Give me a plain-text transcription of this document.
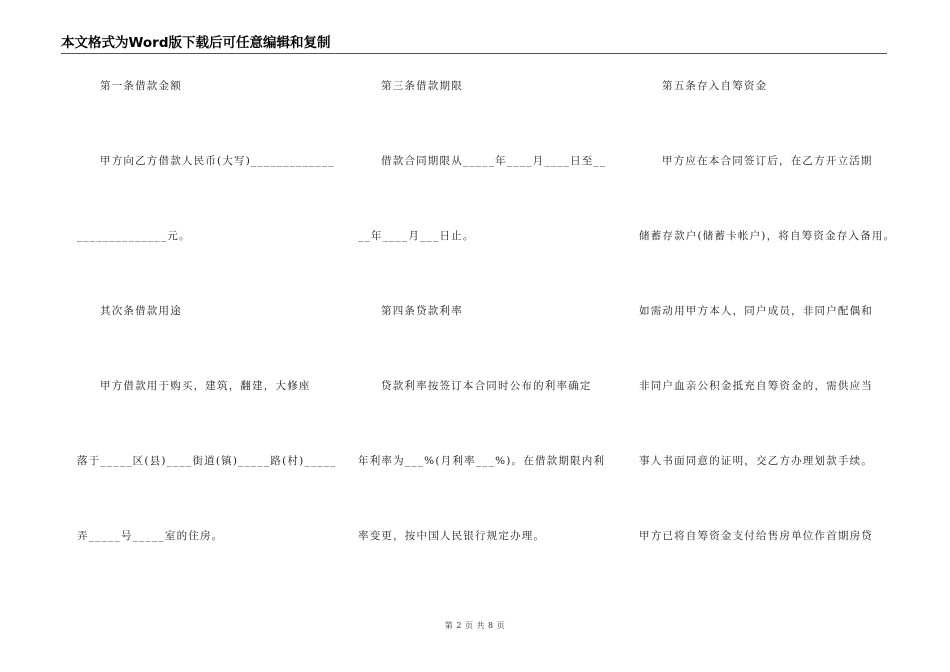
本文格式为Word版下载后可任意编辑和复制
第一条借款金额
甲方向乙方借款人民币(大写)_____________
______________元。
其次条借款用途
甲方借款用于购买，建筑，翻建，大修座
落于_____区(县)____街道(镇)_____路(村)_____
弄_____号_____室的住房。
第三条借款期限
借款合同期限从_____年____月____日至__
__年____月___日止。
第四条贷款利率
贷款利率按签订本合同时公布的利率确定
年利率为___%(月利率___%)。在借款期限内利
率变更，按中国人民银行规定办理。
第五条存入自筹资金
甲方应在本合同签订后，在乙方开立活期
储蓄存款户(储蓄卡帐户)，将自筹资金存入备用。
如需动用甲方本人，同户成员，非同户配偶和
非同户血亲公积金抵充自筹资金的，需供应当
事人书面同意的证明，交乙方办理划款手续。
甲方已将自筹资金支付给售房单位作首期房贷
第 2 页 共 8 页
